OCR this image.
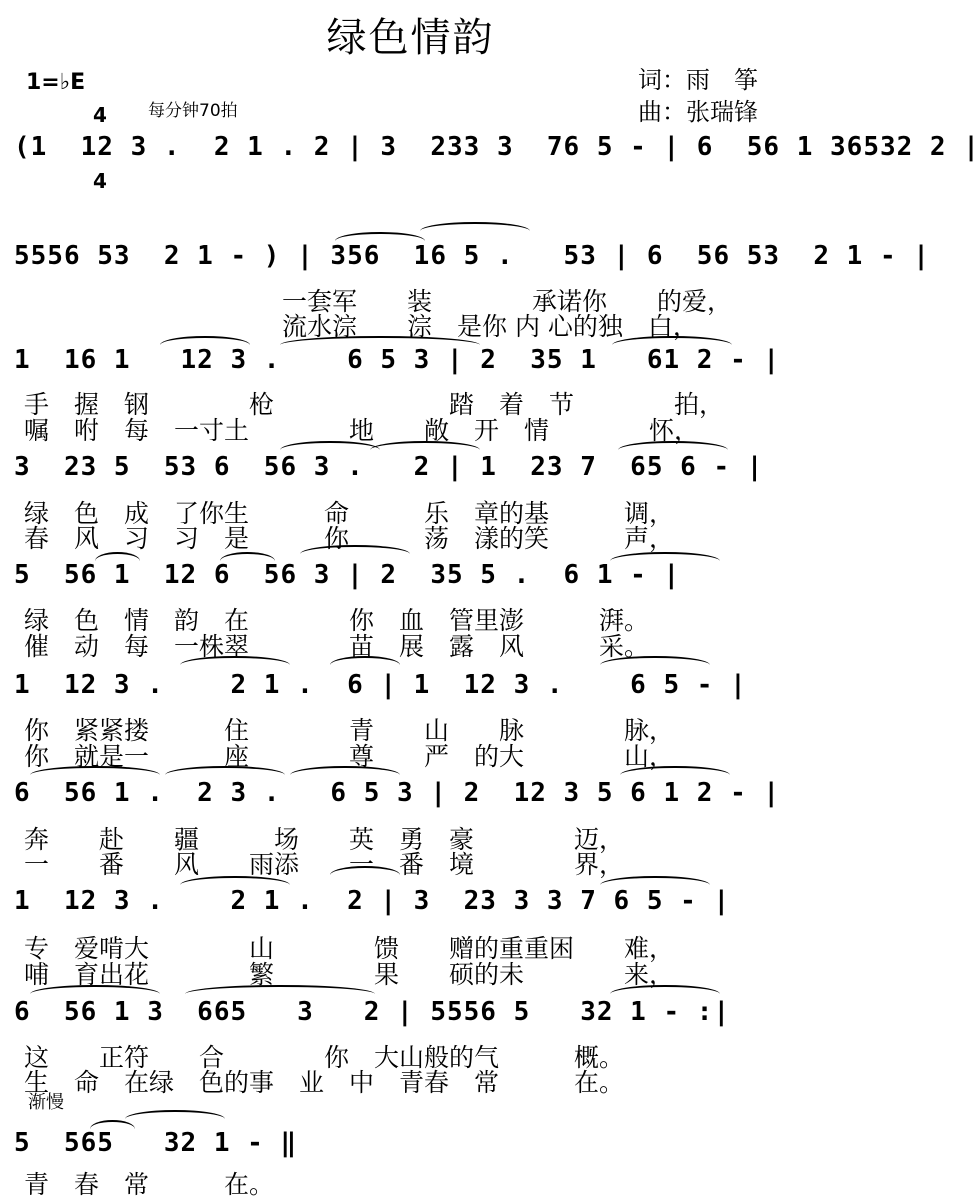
绿色情韵
1=♭E

4

4

每分钟70拍
词：雨　筝
曲：张瑞锋
(1  12 3 .  2 1 . 2 | 3  233 3  76 5 - | 6  56 1 36532 2 |
5556 53  2 1 - ) | 356  16 5 .   53 | 6  56 53  2 1 - |
一套军　　装　　　　承诺你　　的爱，
流水淙　　淙　是你 内 心的独　白，
1  16 1   12 3 .    6 5 3 | 2  35 1   61 2 - |
手　握　钢　　　　枪　　　　　　　踏　着　节　　　　拍，
嘱　咐　每　一寸土　　　　地　　敞　开　情　　　　怀，
3  23 5  53 6  56 3 .   2 | 1  23 7  65 6 - |
绿　色　成　了你生　　　命　　　乐　章的基　　　调，
春　风　习　习　是　　　你　　　荡　漾的笑　　　声，
5  56 1  12 6  56 3 | 2  35 5 .  6 1 - |
绿　色　情　韵　在　　　　你　血　管里澎　　　湃。
催　动　每　一株翠　　　　苗　展　露　风　　　采。
1  12 3 .    2 1 .  6 | 1  12 3 .    6 5 - |
你　紧紧搂　　　住　　　　青　　山　　脉　　　　脉，
你　就是一　　　座　　　　尊　　严　的大　　　　山，
6  56 1 .  2 3 .   6 5 3 | 2  12 3 5 6 1 2 - |
奔　　赴　　疆　　　场　　英　勇　豪　　　　迈，
一　　番　　风　　雨添　　一　番　境　　　　界，
1  12 3 .    2 1 .  2 | 3  23 3 3 7 6 5 - |
专　爱啃大　　　　山　　　　馈　　赠的重重困　　难，
哺　育出花　　　　繁　　　　果　　硕的未　　　　来，
6  56 1 3  665   3   2 | 5556 5   32 1 - :|
这　　正符　　合　　　　你　大山般的气　　　概。
生　命　在绿　色的事　业　中　青春　常　　　在。
渐慢
5  565   32 1 - ‖
青　春　常　　　在。
